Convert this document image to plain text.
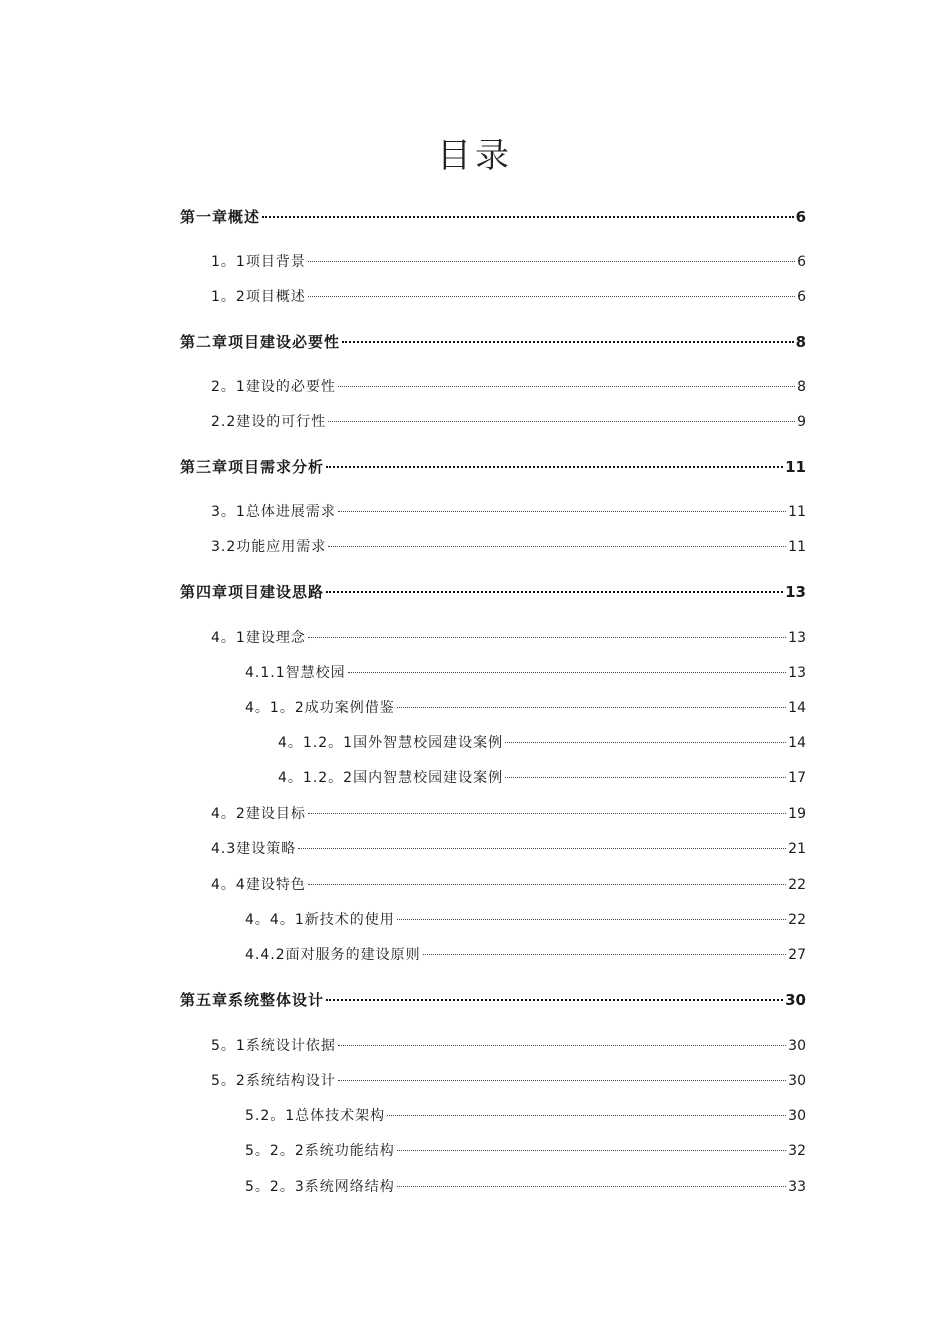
目录
第一章概述	6
1。1项目背景	6
1。2项目概述	6
第二章项目建设必要性	8
2。1建设的必要性	8
2.2建设的可行性	9
第三章项目需求分析	11
3。1总体进展需求	11
3.2功能应用需求	11
第四章项目建设思路	13
4。1建设理念	13
4.1.1智慧校园	13
4。1。2成功案例借鉴	14
4。1.2。1国外智慧校园建设案例	14
4。1.2。2国内智慧校园建设案例	17
4。2建设目标	19
4.3建设策略	21
4。4建设特色	22
4。4。1新技术的使用	22
4.4.2面对服务的建设原则	27
第五章系统整体设计	30
5。1系统设计依据	30
5。2系统结构设计	30
5.2。1总体技术架构	30
5。2。2系统功能结构	32
5。2。3系统网络结构	33
